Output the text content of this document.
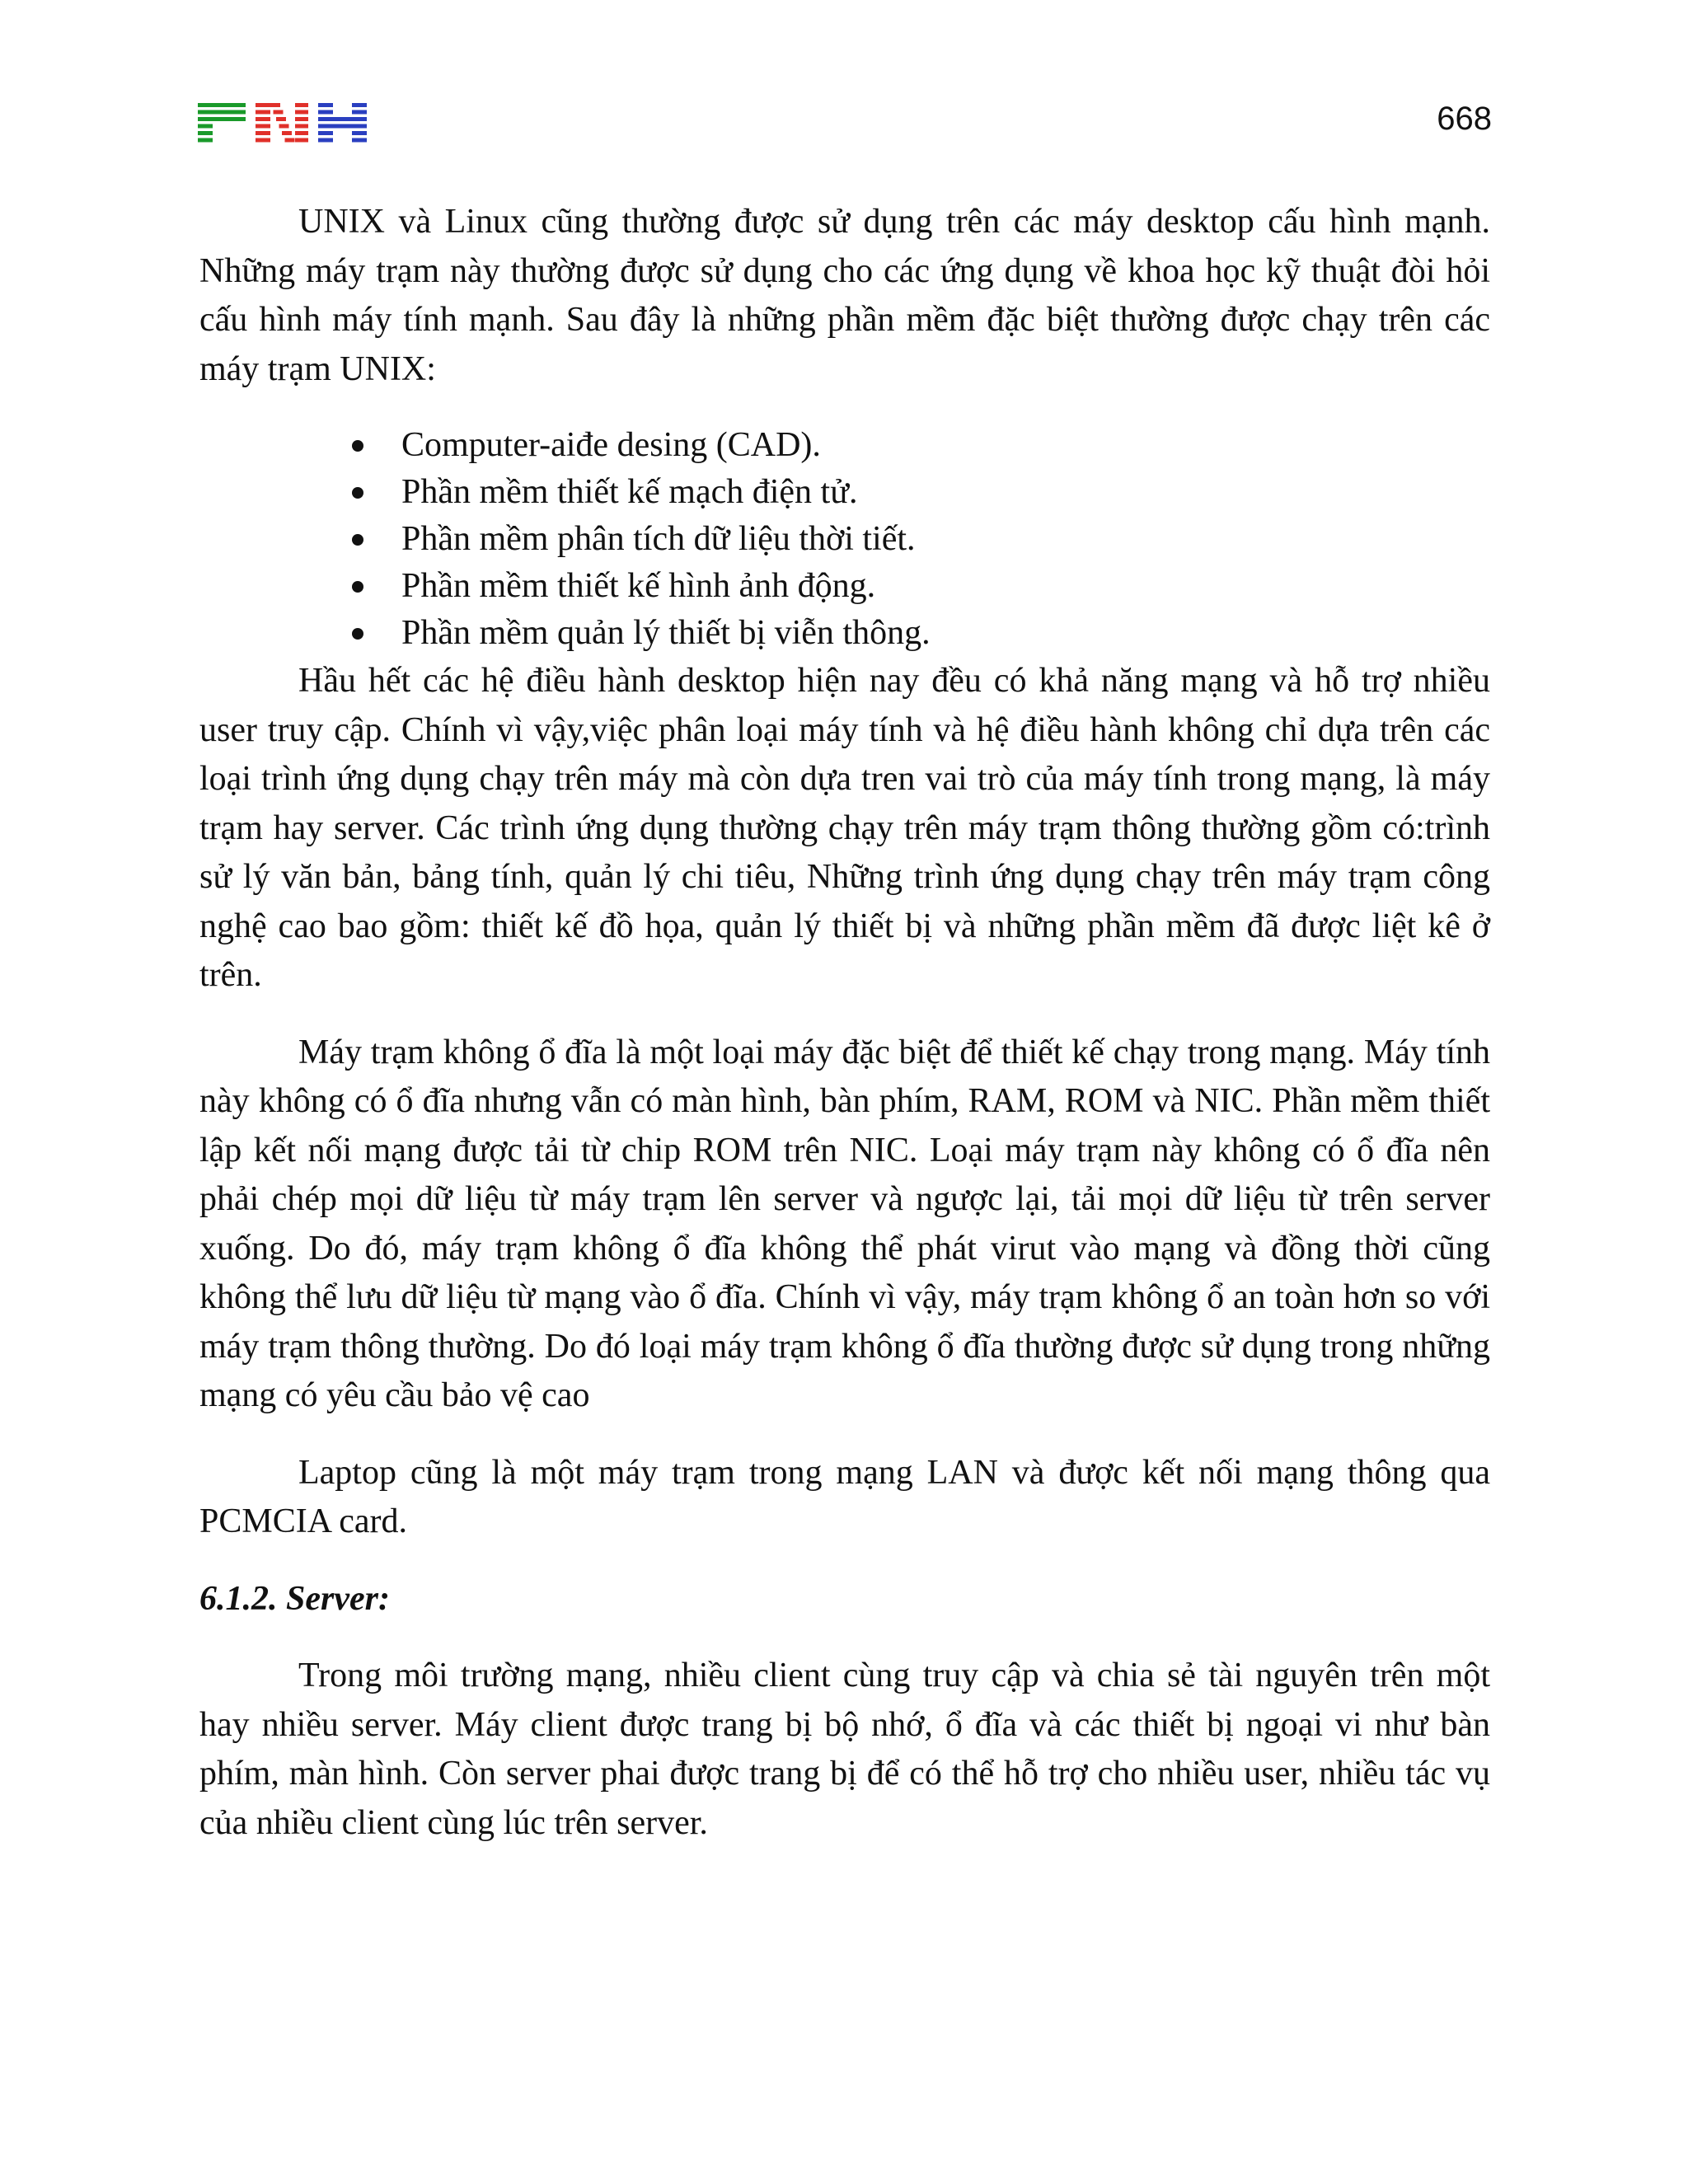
668

UNIX và Linux cũng thường được sử dụng trên các máy desktop cấu hình mạnh. Những máy trạm này thường được sử dụng cho các ứng dụng về khoa học kỹ thuật đòi hỏi cấu hình máy tính mạnh. Sau đây là những phần mềm đặc biệt thường được chạy trên các máy trạm UNIX:

Computer-aiđe desing (CAD).
Phần mềm thiết kế mạch điện tử.
Phần mềm phân tích dữ liệu thời tiết.
Phần mềm thiết kế hình ảnh động.
Phần mềm quản lý thiết bị viễn thông.

Hầu hết các hệ điều hành desktop hiện nay đều có khả năng mạng và hỗ trợ nhiều user truy cập. Chính vì vậy,việc phân loại máy tính và hệ điều hành không chỉ dựa trên các loại trình ứng dụng chạy trên máy mà còn dựa tren vai trò của máy tính trong mạng, là máy trạm hay server. Các trình ứng dụng thường chạy trên máy trạm thông thường gồm có:trình sử lý văn bản, bảng tính, quản lý chi tiêu, Những trình ứng dụng chạy trên máy trạm công nghệ cao bao gồm: thiết kế đồ họa, quản lý thiết bị và những phần mềm đã được liệt kê ở trên.

Máy trạm không ổ đĩa là một loại máy đặc biệt để thiết kế chạy trong mạng. Máy tính này không có ổ đĩa nhưng vẫn có màn hình, bàn phím, RAM, ROM và NIC. Phần mềm thiết lập kết nối mạng được tải từ chip ROM trên NIC. Loại máy trạm này không có ổ đĩa nên phải chép mọi dữ liệu từ máy trạm lên server và ngược lại, tải mọi dữ liệu từ trên server xuống. Do đó, máy trạm không ổ đĩa không thể phát virut vào mạng và đồng thời cũng không thể lưu dữ liệu từ mạng vào ổ đĩa. Chính vì vậy, máy trạm không ổ an toàn hơn so với máy trạm thông thường. Do đó loại máy trạm không ổ đĩa thường được sử dụng trong những mạng có yêu cầu bảo vệ cao

Laptop cũng là một máy trạm trong mạng LAN và được kết nối mạng thông qua PCMCIA card.

6.1.2. Server:

Trong môi trường mạng, nhiều client cùng truy cập và chia sẻ tài nguyên trên một hay nhiều server. Máy client được trang bị bộ nhớ, ổ đĩa và các thiết bị ngoại vi như bàn phím, màn hình. Còn server phai được trang bị để có thể hỗ trợ cho nhiều user, nhiều tác vụ của nhiều client cùng lúc trên server.
